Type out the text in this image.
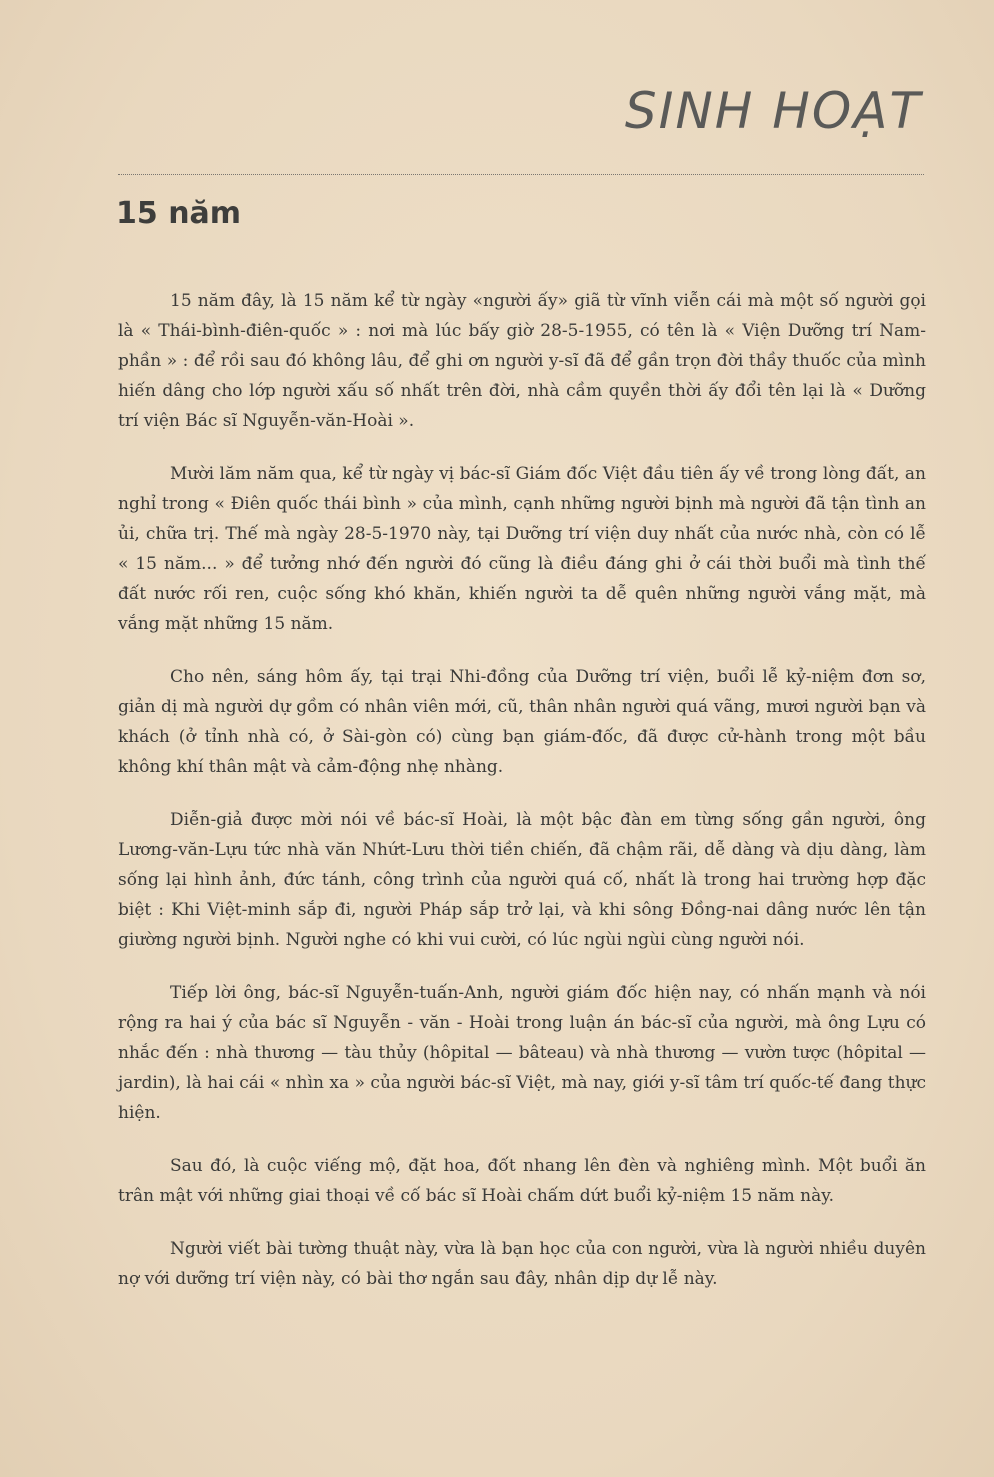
SINH HOẠT
15 năm

15 năm đây, là 15 năm kể từ ngày «người ấy» giã từ vĩnh viễn cái mà một số người gọi là « Thái-bình-điên-quốc » : nơi mà lúc bấy giờ 28-5-1955, có tên là « Viện Dưỡng trí Nam-phần » : để rồi sau đó không lâu, để ghi ơn người y-sĩ đã để gần trọn đời thầy thuốc của mình hiến dâng cho lớp người xấu số nhất trên đời, nhà cầm quyền thời ấy đổi tên lại là « Dưỡng trí viện Bác sĩ Nguyễn-văn-Hoài ».

Mười lăm năm qua, kể từ ngày vị bác-sĩ Giám đốc Việt đầu tiên ấy về trong lòng đất, an nghỉ trong « Điên quốc thái bình » của mình, cạnh những người bịnh mà người đã tận tình an ủi, chữa trị. Thế mà ngày 28-5-1970 này, tại Dưỡng trí viện duy nhất của nước nhà, còn có lễ « 15 năm... » để tưởng nhớ đến người đó cũng là điều đáng ghi ở cái thời buổi mà tình thế đất nước rối ren, cuộc sống khó khăn, khiến người ta dễ quên những người vắng mặt, mà vắng mặt những 15 năm.

Cho nên, sáng hôm ấy, tại trại Nhi-đồng của Dưỡng trí viện, buổi lễ kỷ-niệm đơn sơ, giản dị mà người dự gồm có nhân viên mới, cũ, thân nhân người quá vãng, mươi người bạn và khách (ở tỉnh nhà có, ở Sài-gòn có) cùng bạn giám-đốc, đã được cử-hành trong một bầu không khí thân mật và cảm-động nhẹ nhàng.

Diễn-giả được mời nói về bác-sĩ Hoài, là một bậc đàn em từng sống gần người, ông Lương-văn-Lựu tức nhà văn Nhứt-Lưu thời tiền chiến, đã chậm rãi, dễ dàng và dịu dàng, làm sống lại hình ảnh, đức tánh, công trình của người quá cố, nhất là trong hai trường hợp đặc biệt : Khi Việt-minh sắp đi, người Pháp sắp trở lại, và khi sông Đồng-nai dâng nước lên tận giường người bịnh. Người nghe có khi vui cười, có lúc ngùi ngùi cùng người nói.

Tiếp lời ông, bác-sĩ Nguyễn-tuấn-Anh, người giám đốc hiện nay, có nhấn mạnh và nói rộng ra hai ý của bác sĩ Nguyễn - văn - Hoài trong luận án bác-sĩ của người, mà ông Lựu có nhắc đến : nhà thương — tàu thủy (hôpital — bâteau) và nhà thương — vườn tược (hôpital — jardin), là hai cái « nhìn xa » của người bác-sĩ Việt, mà nay, giới y-sĩ tâm trí quốc-tế đang thực hiện.

Sau đó, là cuộc viếng mộ, đặt hoa, đốt nhang lên đèn và nghiêng mình. Một buổi ăn trân mật với những giai thoại về cố bác sĩ Hoài chấm dứt buổi kỷ-niệm 15 năm này.

Người viết bài tường thuật này, vừa là bạn học của con người, vừa là người nhiều duyên nợ với dưỡng trí viện này, có bài thơ ngắn sau đây, nhân dịp dự lễ này.
